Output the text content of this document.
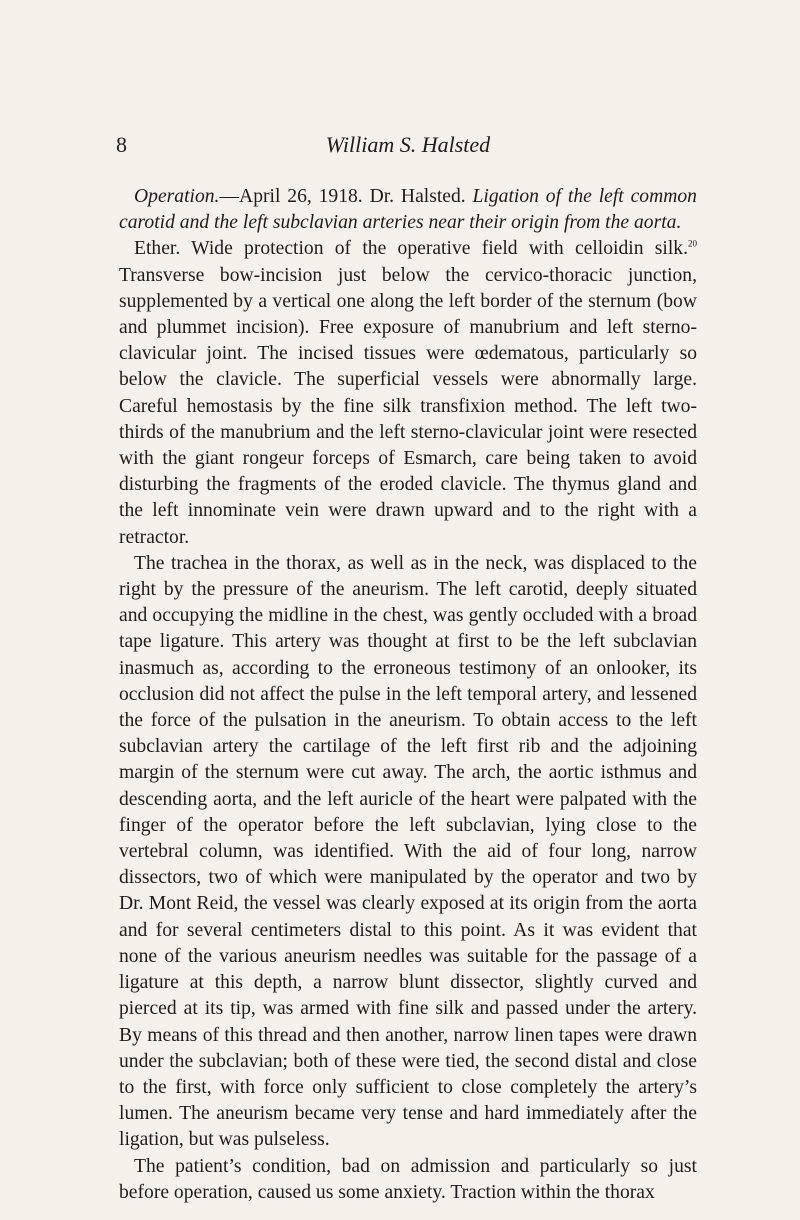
8	William S. Halsted

Operation.—April 26, 1918. Dr. Halsted. Ligation of the left common carotid and the left subclavian arteries near their origin from the aorta.

Ether. Wide protection of the operative field with celloidin silk.$^{20}$ Transverse bow-incision just below the cervico-thoracic junction, supplemented by a vertical one along the left border of the sternum (bow and plummet incision). Free exposure of manubrium and left sterno-clavicular joint. The incised tissues were œdematous, particularly so below the clavicle. The superficial vessels were abnormally large. Careful hemostasis by the fine silk transfixion method. The left two-thirds of the manubrium and the left sterno-clavicular joint were resected with the giant rongeur forceps of Esmarch, care being taken to avoid disturbing the fragments of the eroded clavicle. The thymus gland and the left innominate vein were drawn upward and to the right with a retractor.

The trachea in the thorax, as well as in the neck, was displaced to the right by the pressure of the aneurism. The left carotid, deeply situated and occupying the midline in the chest, was gently occluded with a broad tape ligature. This artery was thought at first to be the left subclavian inasmuch as, according to the erroneous testimony of an onlooker, its occlusion did not affect the pulse in the left temporal artery, and lessened the force of the pulsation in the aneurism. To obtain access to the left subclavian artery the cartilage of the left first rib and the adjoining margin of the sternum were cut away. The arch, the aortic isthmus and descending aorta, and the left auricle of the heart were palpated with the finger of the operator before the left subclavian, lying close to the vertebral column, was identified. With the aid of four long, narrow dissectors, two of which were manipulated by the operator and two by Dr. Mont Reid, the vessel was clearly exposed at its origin from the aorta and for several centimeters distal to this point. As it was evident that none of the various aneurism needles was suitable for the passage of a ligature at this depth, a narrow blunt dissector, slightly curved and pierced at its tip, was armed with fine silk and passed under the artery. By means of this thread and then another, narrow linen tapes were drawn under the subclavian; both of these were tied, the second distal and close to the first, with force only sufficient to close completely the artery’s lumen. The aneurism became very tense and hard immediately after the ligation, but was pulseless.

The patient’s condition, bad on admission and particularly so just before operation, caused us some anxiety. Traction within the thorax
